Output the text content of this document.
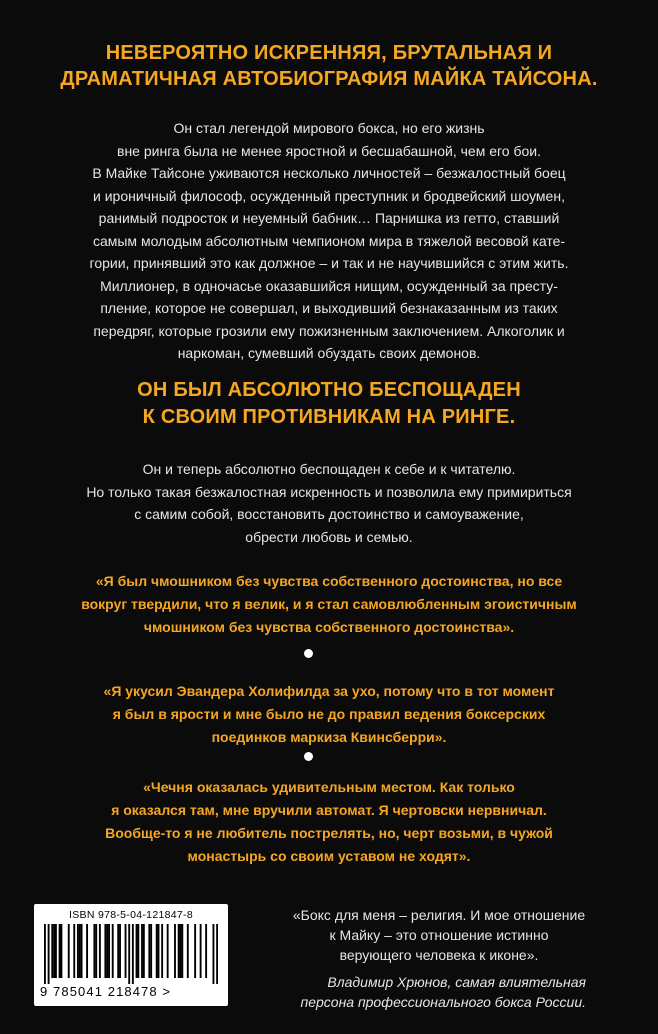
НЕВЕРОЯТНО ИСКРЕННЯЯ, БРУТАЛЬНАЯ И
ДРАМАТИЧНАЯ АВТОБИОГРАФИЯ МАЙКА ТАЙСОНА.
Он стал легендой мирового бокса, но его жизнь
вне ринга была не менее яростной и бесшабашной, чем его бои.
В Майке Тайсоне уживаются несколько личностей – безжалостный боец
и ироничный философ, осужденный преступник и бродвейский шоумен,
ранимый подросток и неуемный бабник… Парнишка из гетто, ставший
самым молодым абсолютным чемпионом мира в тяжелой весовой кате-
гории, принявший это как должное – и так и не научившийся с этим жить.
Миллионер, в одночасье оказавшийся нищим, осужденный за престу-
пление, которое не совершал, и выходивший безнаказанным из таких
передряг, которые грозили ему пожизненным заключением. Алкоголик и
наркоман, сумевший обуздать своих демонов.
ОН БЫЛ АБСОЛЮТНО БЕСПОЩАДЕН
К СВОИМ ПРОТИВНИКАМ НА РИНГЕ.
Он и теперь абсолютно беспощаден к себе и к читателю.
Но только такая безжалостная искренность и позволила ему примириться
с самим собой, восстановить достоинство и самоуважение,
обрести любовь и семью.
«Я был чмошником без чувства собственного достоинства, но все
вокруг твердили, что я велик, и я стал самовлюбленным эгоистичным
чмошником без чувства собственного достоинства».
«Я укусил Эвандера Холифилда за ухо, потому что в тот момент
я был в ярости и мне было не до правил ведения боксерских
поединков маркиза Квинсберри».
«Чечня оказалась удивительным местом. Как только
я оказался там, мне вручили автомат. Я чертовски нервничал.
Вообще-то я не любитель пострелять, но, черт возьми, в чужой
монастырь со своим уставом не ходят».
ISBN 978-5-04-121847-8
9 785041 218478 >
«Бокс для меня – религия. И мое отношение
к Майку – это отношение истинно
верующего человека к иконе».
Владимир Хрюнов, самая влиятельная
персона профессионального бокса России.
